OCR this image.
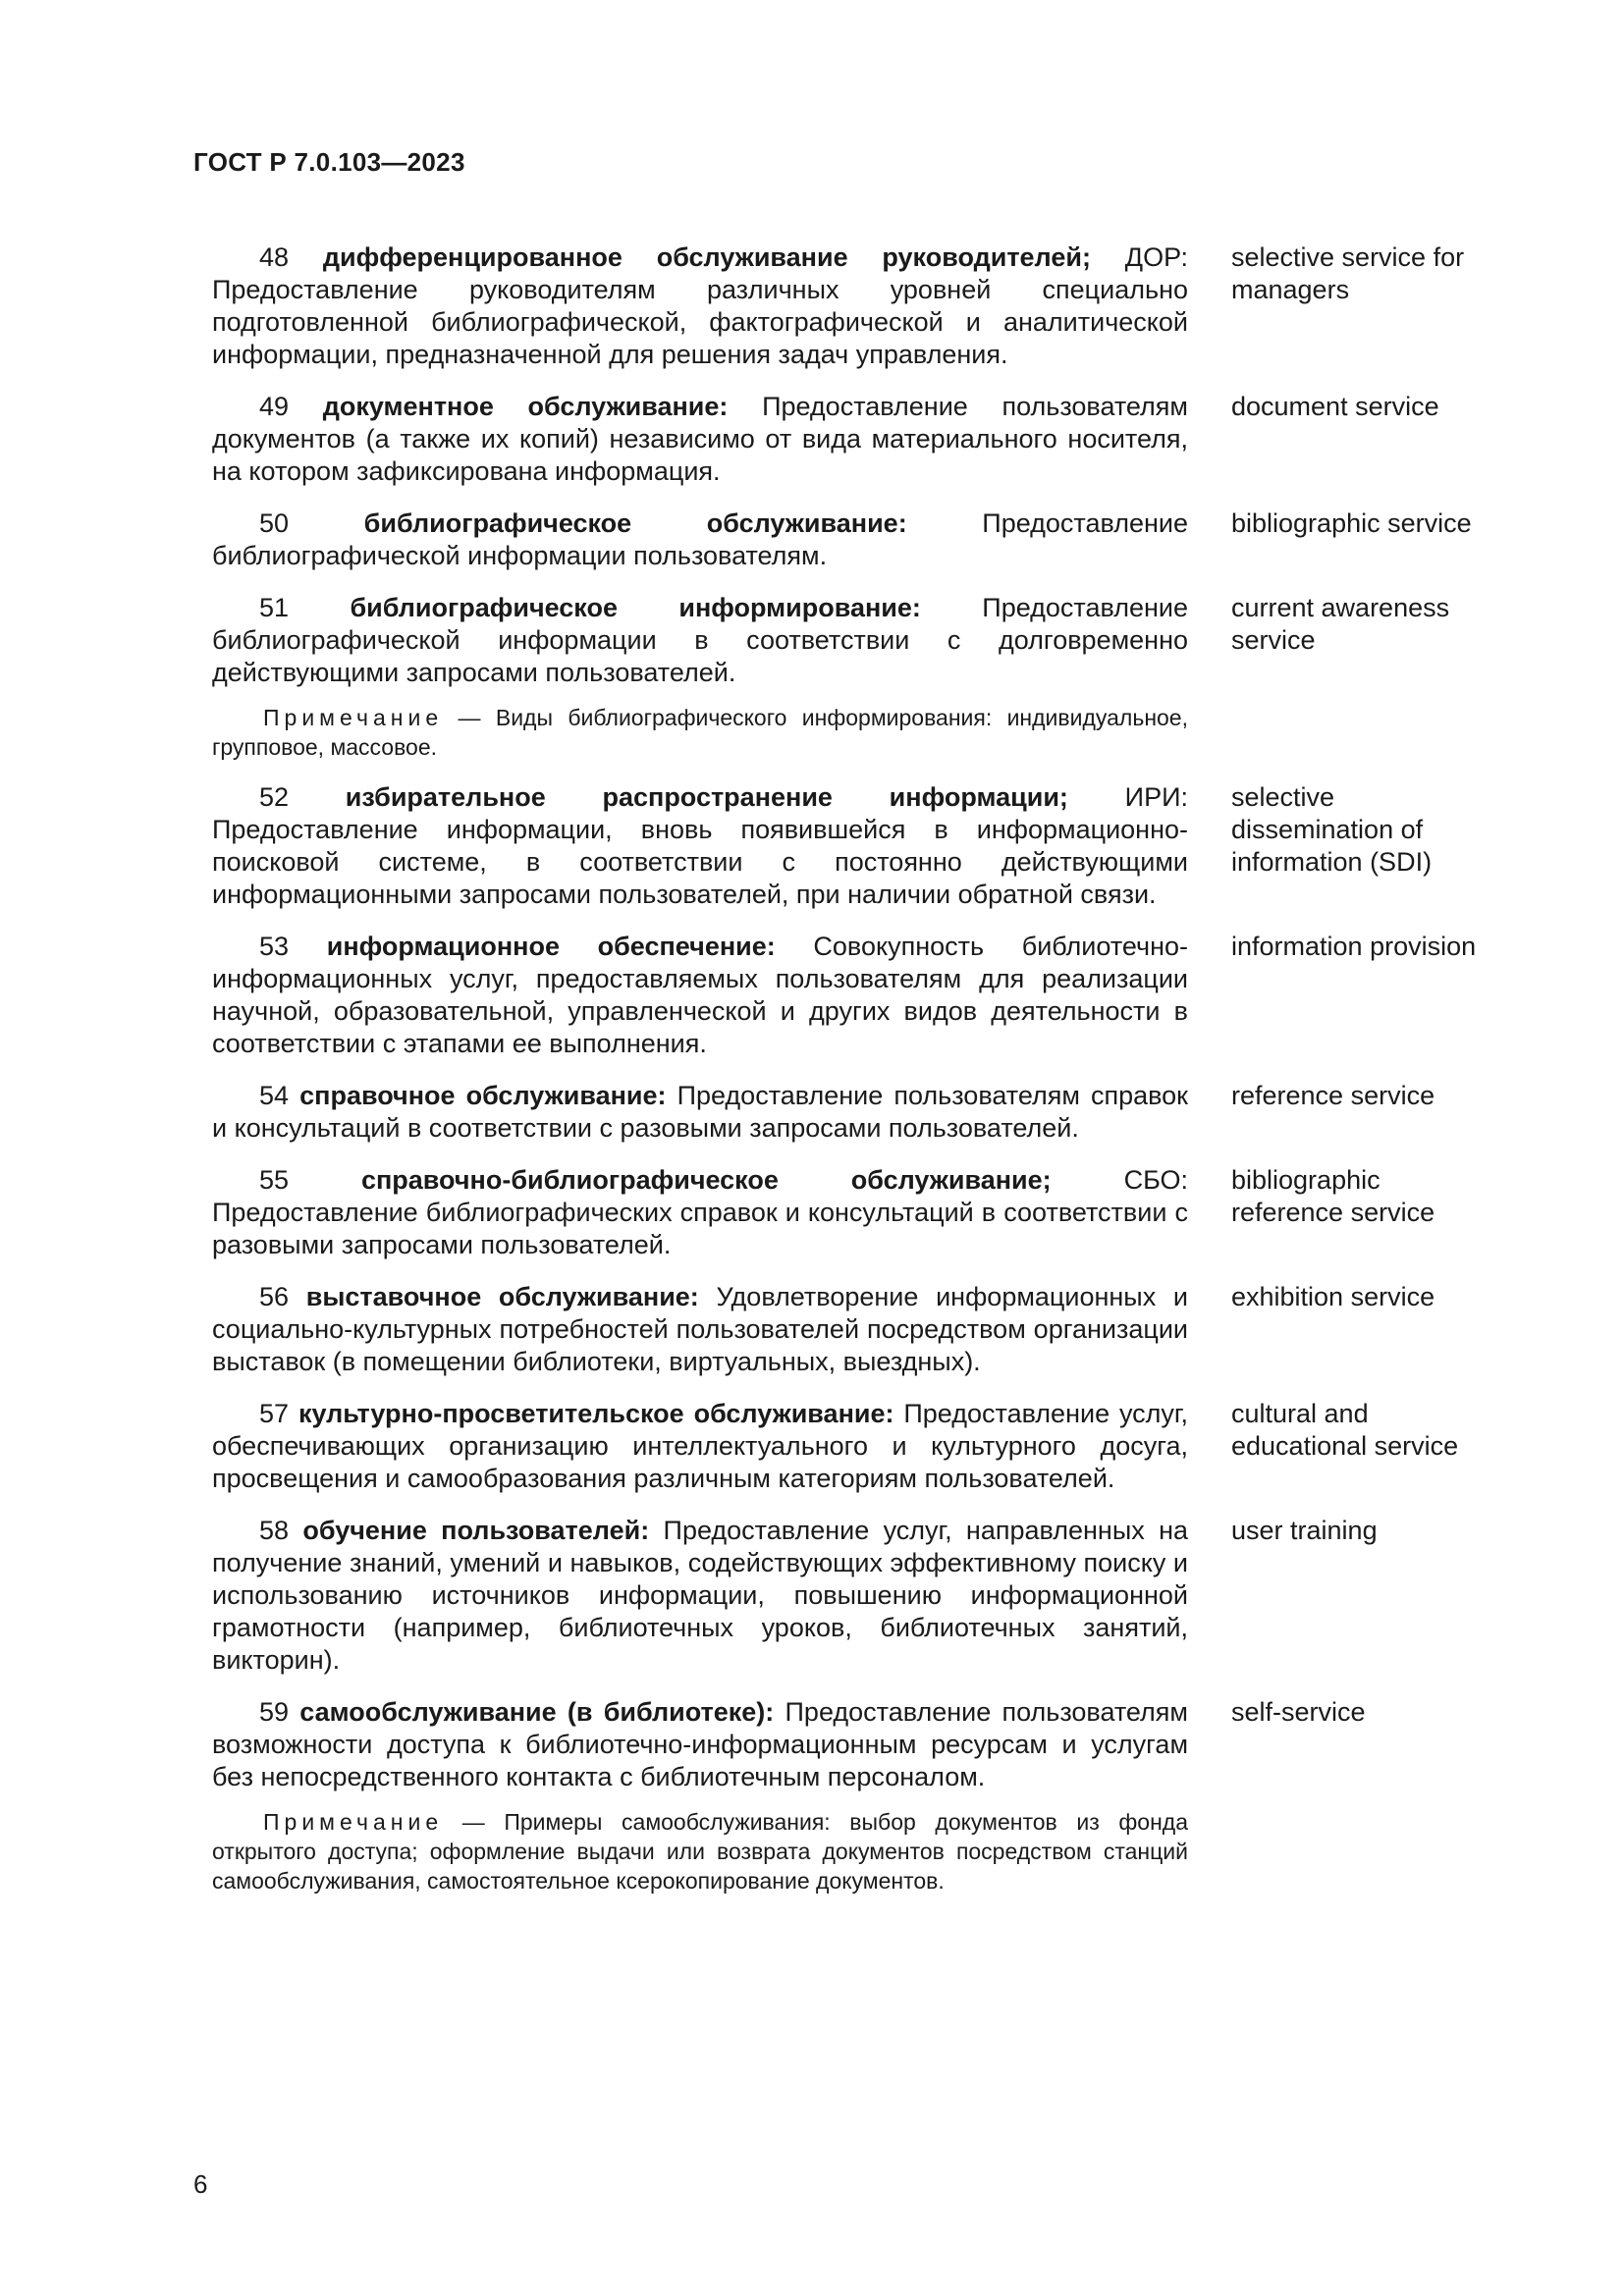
ГОСТ Р 7.0.103—2023
48 дифференцированное обслуживание руководителей; ДОР: Предоставление руководителям различных уровней специально подготовленной библиографической, фактографической и аналитической информации, предназначенной для решения задач управления.
selective service for managers
49 документное обслуживание: Предоставление пользователям документов (а также их копий) независимо от вида материального носителя, на котором зафиксирована информация.
document service
50	библиографическое обслуживание: Предоставление библиографической информации пользователям.
bibliographic service
51 библиографическое информирование: Предоставление библиографической информации в соответствии с долговременно действующими запросами пользователей.
current awareness service
Примечание — Виды библиографического информирования: индивидуальное, групповое, массовое.
52 избирательное распространение информации; ИРИ: Предоставление информации, вновь появившейся в информационно-поисковой системе, в соответствии с постоянно действующими информационными запросами пользователей, при наличии обратной связи.
selective dissemination of information (SDI)
53 информационное обеспечение: Совокупность библиотечно-информационных услуг, предоставляемых пользователям для реализации научной, образовательной, управленческой и других видов деятельности в соответствии с этапами ее выполнения.
information provision
54 справочное обслуживание: Предоставление пользователям справок и консультаций в соответствии с разовыми запросами пользователей.
reference service
55	справочно-библиографическое обслуживание; СБО: Предоставление библиографических справок и консультаций в соответствии с разовыми запросами пользователей.
bibliographic reference service
56 выставочное обслуживание: Удовлетворение информационных и социально-культурных потребностей пользователей посредством организации выставок (в помещении библиотеки, виртуальных, выездных).
exhibition service
57 культурно-просветительское обслуживание: Предоставление услуг, обеспечивающих организацию интеллектуального и культурного досуга, просвещения и самообразования различным категориям пользователей.
cultural and educational service
58 обучение пользователей: Предоставление услуг, направленных на получение знаний, умений и навыков, содействующих эффективному поиску и использованию источников информации, повышению информационной грамотности (например, библиотечных уроков, библиотечных занятий, викторин).
user training
59 самообслуживание (в библиотеке): Предоставление пользователям возможности доступа к библиотечно-информационным ресурсам и услугам без непосредственного контакта с библиотечным персоналом.
self-service
Примечание — Примеры самообслуживания: выбор документов из фонда открытого доступа; оформление выдачи или возврата документов посредством станций самообслуживания, самостоятельное ксерокопирование документов.
6
